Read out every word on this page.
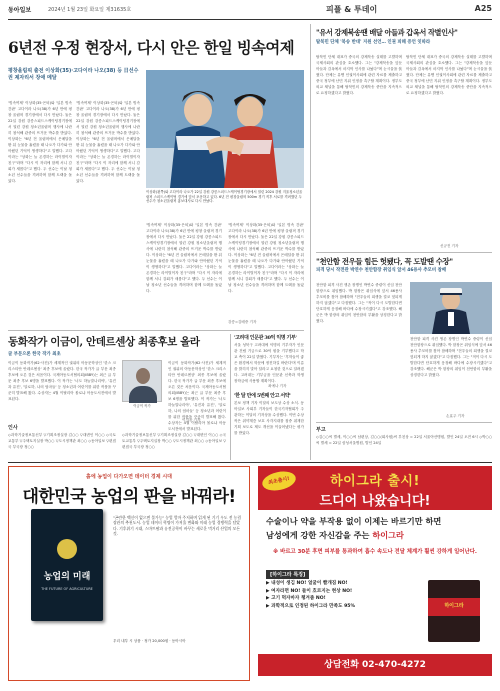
동아일보	2024년 1월 23일 화요일 제31635호	피플 & 투데이	A25
6년전 우정 현장서, 다시 안은 한일 빙속여제
평창올림픽 출전 이상화(35)·고다이라 나오(38) 등 日선수권 제자리서 장애 메달
'빙속여제' 이상화(35·은퇴)와 '일본 빙속 간판' 고다이라 나오(38)가 6년 만에 평창 올림픽 경기장에서 다시 만났다. 둘은 22일 강원 강릉스피드스케이팅경기장에서 열린 강원 청소년올림픽 행사에 나란히 참석해 관중의 뜨거운 박수를 받았다. 이상화는 "6년 전 올림픽에서 은메달을 딴 뒤 눈물을 흘렸을 때 나오가 다가와 안아줬던 기억이 생생하다"고 말했다. 고다이라는 "상화는 늘 존경하는 라이벌이자 친구"라며 "다시 이 자리에 함께 서니 감회가 새롭다"고 했다. 두 선수는 이날 청소년 선수들을 격려하며 함께 트랙을 돌았다.
'빙속여제' 이상화(35·은퇴)와 '일본 빙속 간판' 고다이라 나오(38)가 6년 만에 평창 올림픽 경기장에서 다시 만났다. 둘은 22일 강원 강릉스피드스케이팅경기장에서 열린 강원 청소년올림픽 행사에 나란히 참석해 관중의 뜨거운 박수를 받았다. 이상화는 "6년 전 올림픽에서 은메달을 딴 뒤 눈물을 흘렸을 때 나오가 다가와 안아줬던 기억이 생생하다"고 말했다. 고다이라는 "상화는 늘 존경하는 라이벌이자 친구"라며 "다시 이 자리에 함께 서니 감회가 새롭다"고 했다. 두 선수는 이날 청소년 선수들을 격려하며 함께 트랙을 돌았다.
이상화(왼쪽)와 고다이라 나오가 22일 강원 강릉스피드스케이팅경기장에서 열린 2024 강원 겨울청소년올림픽 스피드스케이팅 경기에 앞서 포옹하고 있다. 6년 전 평창올림픽 500m 경기 직후 서로를 격려했던 두 선수가 청소년올림픽 홍보대사로 다시 만났다.
'빙속여제' 이상화(35·은퇴)와 '일본 빙속 간판' 고다이라 나오(38)가 6년 만에 평창 올림픽 경기장에서 다시 만났다. 둘은 22일 강원 강릉스피드스케이팅경기장에서 열린 강원 청소년올림픽 행사에 나란히 참석해 관중의 뜨거운 박수를 받았다. 이상화는 "6년 전 올림픽에서 은메달을 딴 뒤 눈물을 흘렸을 때 나오가 다가와 안아줬던 기억이 생생하다"고 말했다. 고다이라는 "상화는 늘 존경하는 라이벌이자 친구"라며 "다시 이 자리에 함께 서니 감회가 새롭다"고 했다. 두 선수는 이날 청소년 선수들을 격려하며 함께 트랙을 돌았다.
'빙속여제' 이상화(35·은퇴)와 '일본 빙속 간판' 고다이라 나오(38)가 6년 만에 평창 올림픽 경기장에서 다시 만났다. 둘은 22일 강원 강릉스피드스케이팅경기장에서 열린 강원 청소년올림픽 행사에 나란히 참석해 관중의 뜨거운 박수를 받았다. 이상화는 "6년 전 올림픽에서 은메달을 딴 뒤 눈물을 흘렸을 때 나오가 다가와 안아줬던 기억이 생생하다"고 말했다. 고다이라는 "상화는 늘 존경하는 라이벌이자 친구"라며 "다시 이 자리에 함께 서니 감회가 새롭다"고 했다. 두 선수는 이날 청소년 선수들을 격려하며 함께 트랙을 돌았다.
강릉=김배중 기자
동화작가 이금이, 안데르센상 최종후보 올라
글 부문으론 한국 작가 최초
이금이 동화작가(62·사진)가 세계적인 권위의 아동문학상인 '한스 크리스티안 안데르센상' 최종 후보에 올랐다. 한국 작가가 글 부문 최종 후보에 오른 것은 처음이다. 국제아동도서협의회(IBBY)는 최근 글 부문 최종 후보 6명을 발표했다. 이 작가는 '너도 하늘말나리야', '유진과 유진', '알로하, 나의 엄마들' 등 청소년과 어린이를 위한 작품을 꾸준히 발표해 왔다. 수상자는 4월 이탈리아 볼로냐 아동도서전에서 발표된다.
이금이 작가
이금이 동화작가(62·사진)가 세계적인 권위의 아동문학상인 '한스 크리스티안 안데르센상' 최종 후보에 올랐다. 한국 작가가 글 부문 최종 후보에 오른 것은 처음이다. 국제아동도서협의회(IBBY)는 최근 글 부문 최종 후보 6명을 발표했다. 이 작가는 '너도 하늘말나리야', '유진과 유진', '알로하, 나의 엄마들' 등 청소년과 어린이를 위한 작품을 꾸준히 발표해 왔다. 수상자는 4월 이탈리아 볼로냐 아동도서전에서 발표된다.
이지윤 기자
'고려대 인문관 30억 익명 기부'
서울 성북구 고려대에 익명의 기부자가 인문관 건립 기금으로 30억 원을 기부했다고 학교 측이 22일 밝혔다. 기부자는 '후학들이 좋은 환경에서 학문에 정진하길 바란다'며 이름을 밝히지 말아 달라고 요청한 것으로 알려졌다. 고려대는 기부금을 인문관 신축과 학생 장학금에 사용할 계획이다.
최예나 기자
'한 달 만에 5번째 안고 서약'
본보 정책 기자 이달의 보도상 수상 소식. 동아일보 사회부 기자들이 한국기자협회가 주관하는 이달의 기자상을 수상했다. 이번 수상작은 취약계층 보호 사각지대를 집중 취재한 기획 보도로 제도 개선을 이끌어냈다는 평가를 받았다.
인사
◇과학기술정보통신부 ▽기획조정실장 김○○ ▽대변인 이○○ ◇국토교통부 ▽주택토지실장 박○○ ▽도시정책관 최○○ ◇동아일보 ▽편집국 부국장 정○○
◇과학기술정보통신부 ▽기획조정실장 김○○ ▽대변인 이○○ ◇국토교통부 ▽주택토지실장 박○○ ▽도시정책관 최○○ ◇동아일보 ▽편집국 부국장 정○○
"유서 강제북송땐 배달 아들과 갑옥서 작별인사"
탈북민 단체 '북송 반대' 지원 선언… 인권 피해 증언 잇따라
탈북민 단체 대표가 중국의 강제북송 실태를 고발하며 국제사회의 관심을 호소했다. 그는 "강제북송을 앞둔 아들과 감옥에서 마지막 인사를 나눴다"며 눈시울을 붉혔다. 단체는 유엔 인권이사회에 관련 자료를 제출하고 중국 정부에 난민 지위 인정을 촉구할 계획이다. 정부도 외교 채널을 통해 탈북민의 강제북송 중단을 지속적으로 요청하겠다고 밝혔다.
탈북민 단체 대표가 중국의 강제북송 실태를 고발하며 국제사회의 관심을 호소했다. 그는 "강제북송을 앞둔 아들과 감옥에서 마지막 인사를 나눴다"며 눈시울을 붉혔다. 단체는 유엔 인권이사회에 관련 자료를 제출하고 중국 정부에 난민 지위 인정을 촉구할 계획이다. 정부도 외교 채널을 통해 탈북민의 강제북송 중단을 지속적으로 요청하겠다고 밝혔다.
신규진 기자
"천안함 전우들 힘든 헛됐다, 꼭 도발땐 수장"
피격 당시 작전관 박연수 천안함장 취임식 앞서 46용사 추모비 참배
천안함 피격 사건 생존 장병인 박연수 중령이 신임 천안함장으로 취임했다. 박 함장은 취임식에 앞서 46용사 추모비를 찾아 참배하며 "전우들의 희생을 결코 헛되게 하지 않겠다"고 다짐했다. 그는 "적이 다시 도발한다면 단호하게 응징해 바다에 수장시키겠다"고 강조했다. 해군은 박 함장의 취임이 천안함의 부활을 상징한다고 밝혔다.
천안함 피격 사건 생존 장병인 박연수 중령이 신임 천안함장으로 취임했다. 박 함장은 취임식에 앞서 46용사 추모비를 찾아 참배하며 "전우들의 희생을 결코 헛되게 하지 않겠다"고 다짐했다. 그는 "적이 다시 도발한다면 단호하게 응징해 바다에 수장시키겠다"고 강조했다. 해군은 박 함장의 취임이 천안함의 부활을 상징한다고 밝혔다.
손효주 기자
부고
◇김○○씨 별세, 이○○씨 남편상, 김○○(회사원)씨 부친상 = 22일 서울아산병원, 발인 24일 오전 6시 ◇박○○씨 별세 = 22일 삼성서울병원, 발인 24일
흙에 농업이 다가오면 데이터 경제 시대
대한민국 농업의 판을 바꿔라!
농업의 미래
THE FUTURE OF AGRICULTURE
"곤란한 백신이 없으면 불가능" 농업 엄마 주저하며 읽게 된 기기 우도 전 농림 장관의 추천도서. 농업 데이터 혁명이 가져올 변화와 미래 농업 경쟁력을 담았다. 기후위기 시대, 스마트팜과 유전공학이 바꾸는 새로운 먹거리 산업의 모든 것.
우리 내부 시 상품 · 정가 20,000원 · 동아시아
최초출시!	하이그라 출시!
드디어 나왔습니다!
수술이나 약을 부작용 없이 이제는 바르기만 하면
남성에게 강한 자신감을 주는 하이그라
※ 바르고 30분 후면 피부를 통과하여 흡수 속도나 전달 체계가 훨씬 강하게 일어난다.
[하이그라 특징]
▶ 내성이 생김 NO! 얼굴이 빨개짐 NO!
▶ 여자라면 NO! 들이 흐르지는 현상 NO!
▶ 고기 먹자마자 챙겨줌 NO!
▶ 과학적으로 인정된 하이그라 만족도 95%	하이그라
상담전화 02-470-4272
